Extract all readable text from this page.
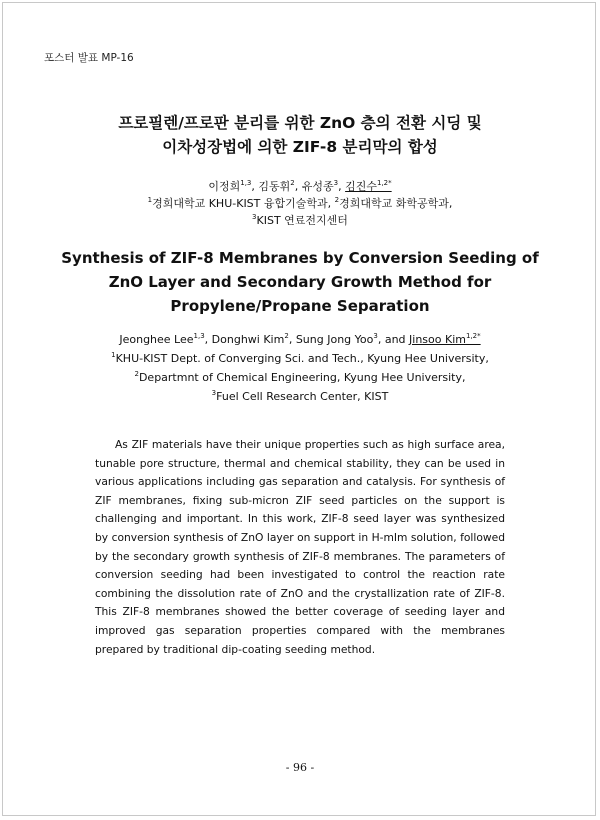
포스터 발표 MP-16
프로필렌/프로판 분리를 위한 ZnO 층의 전환 시딩 및
이차성장법에 의한 ZIF-8 분리막의 합성
이정희$^{1,3}$, 김동휘$^2$, 유성종$^3$, 김진수$^{1,2*}$
$^1$경희대학교 KHU-KIST 융합기술학과, $^2$경희대학교 화학공학과,
$^3$KIST 연료전지센터
Synthesis of ZIF-8 Membranes by Conversion Seeding of
ZnO Layer and Secondary Growth Method for
Propylene/Propane Separation
Jeonghee Lee$^{1,3}$, Donghwi Kim$^2$, Sung Jong Yoo$^3$, and Jinsoo Kim$^{1,2*}$
$^1$KHU-KIST Dept. of Converging Sci. and Tech., Kyung Hee University,
$^2$Departmnt of Chemical Engineering, Kyung Hee University,
$^3$Fuel Cell Research Center, KIST

As ZIF materials have their unique properties such as high surface area, tunable pore structure, thermal and chemical stability, they can be used in various applications including gas separation and catalysis. For synthesis of ZIF membranes, fixing sub-micron ZIF seed particles on the support is challenging and important. In this work, ZIF-8 seed layer was synthesized by conversion synthesis of ZnO layer on support in H-mIm solution, followed by the secondary growth synthesis of ZIF-8 membranes. The parameters of conversion seeding had been investigated to control the reaction rate combining the dissolution rate of ZnO and the crystallization rate of ZIF-8. This ZIF-8 membranes showed the better coverage of seeding layer and improved gas separation properties compared with the membranes prepared by traditional dip-coating seeding method.

- 96 -
